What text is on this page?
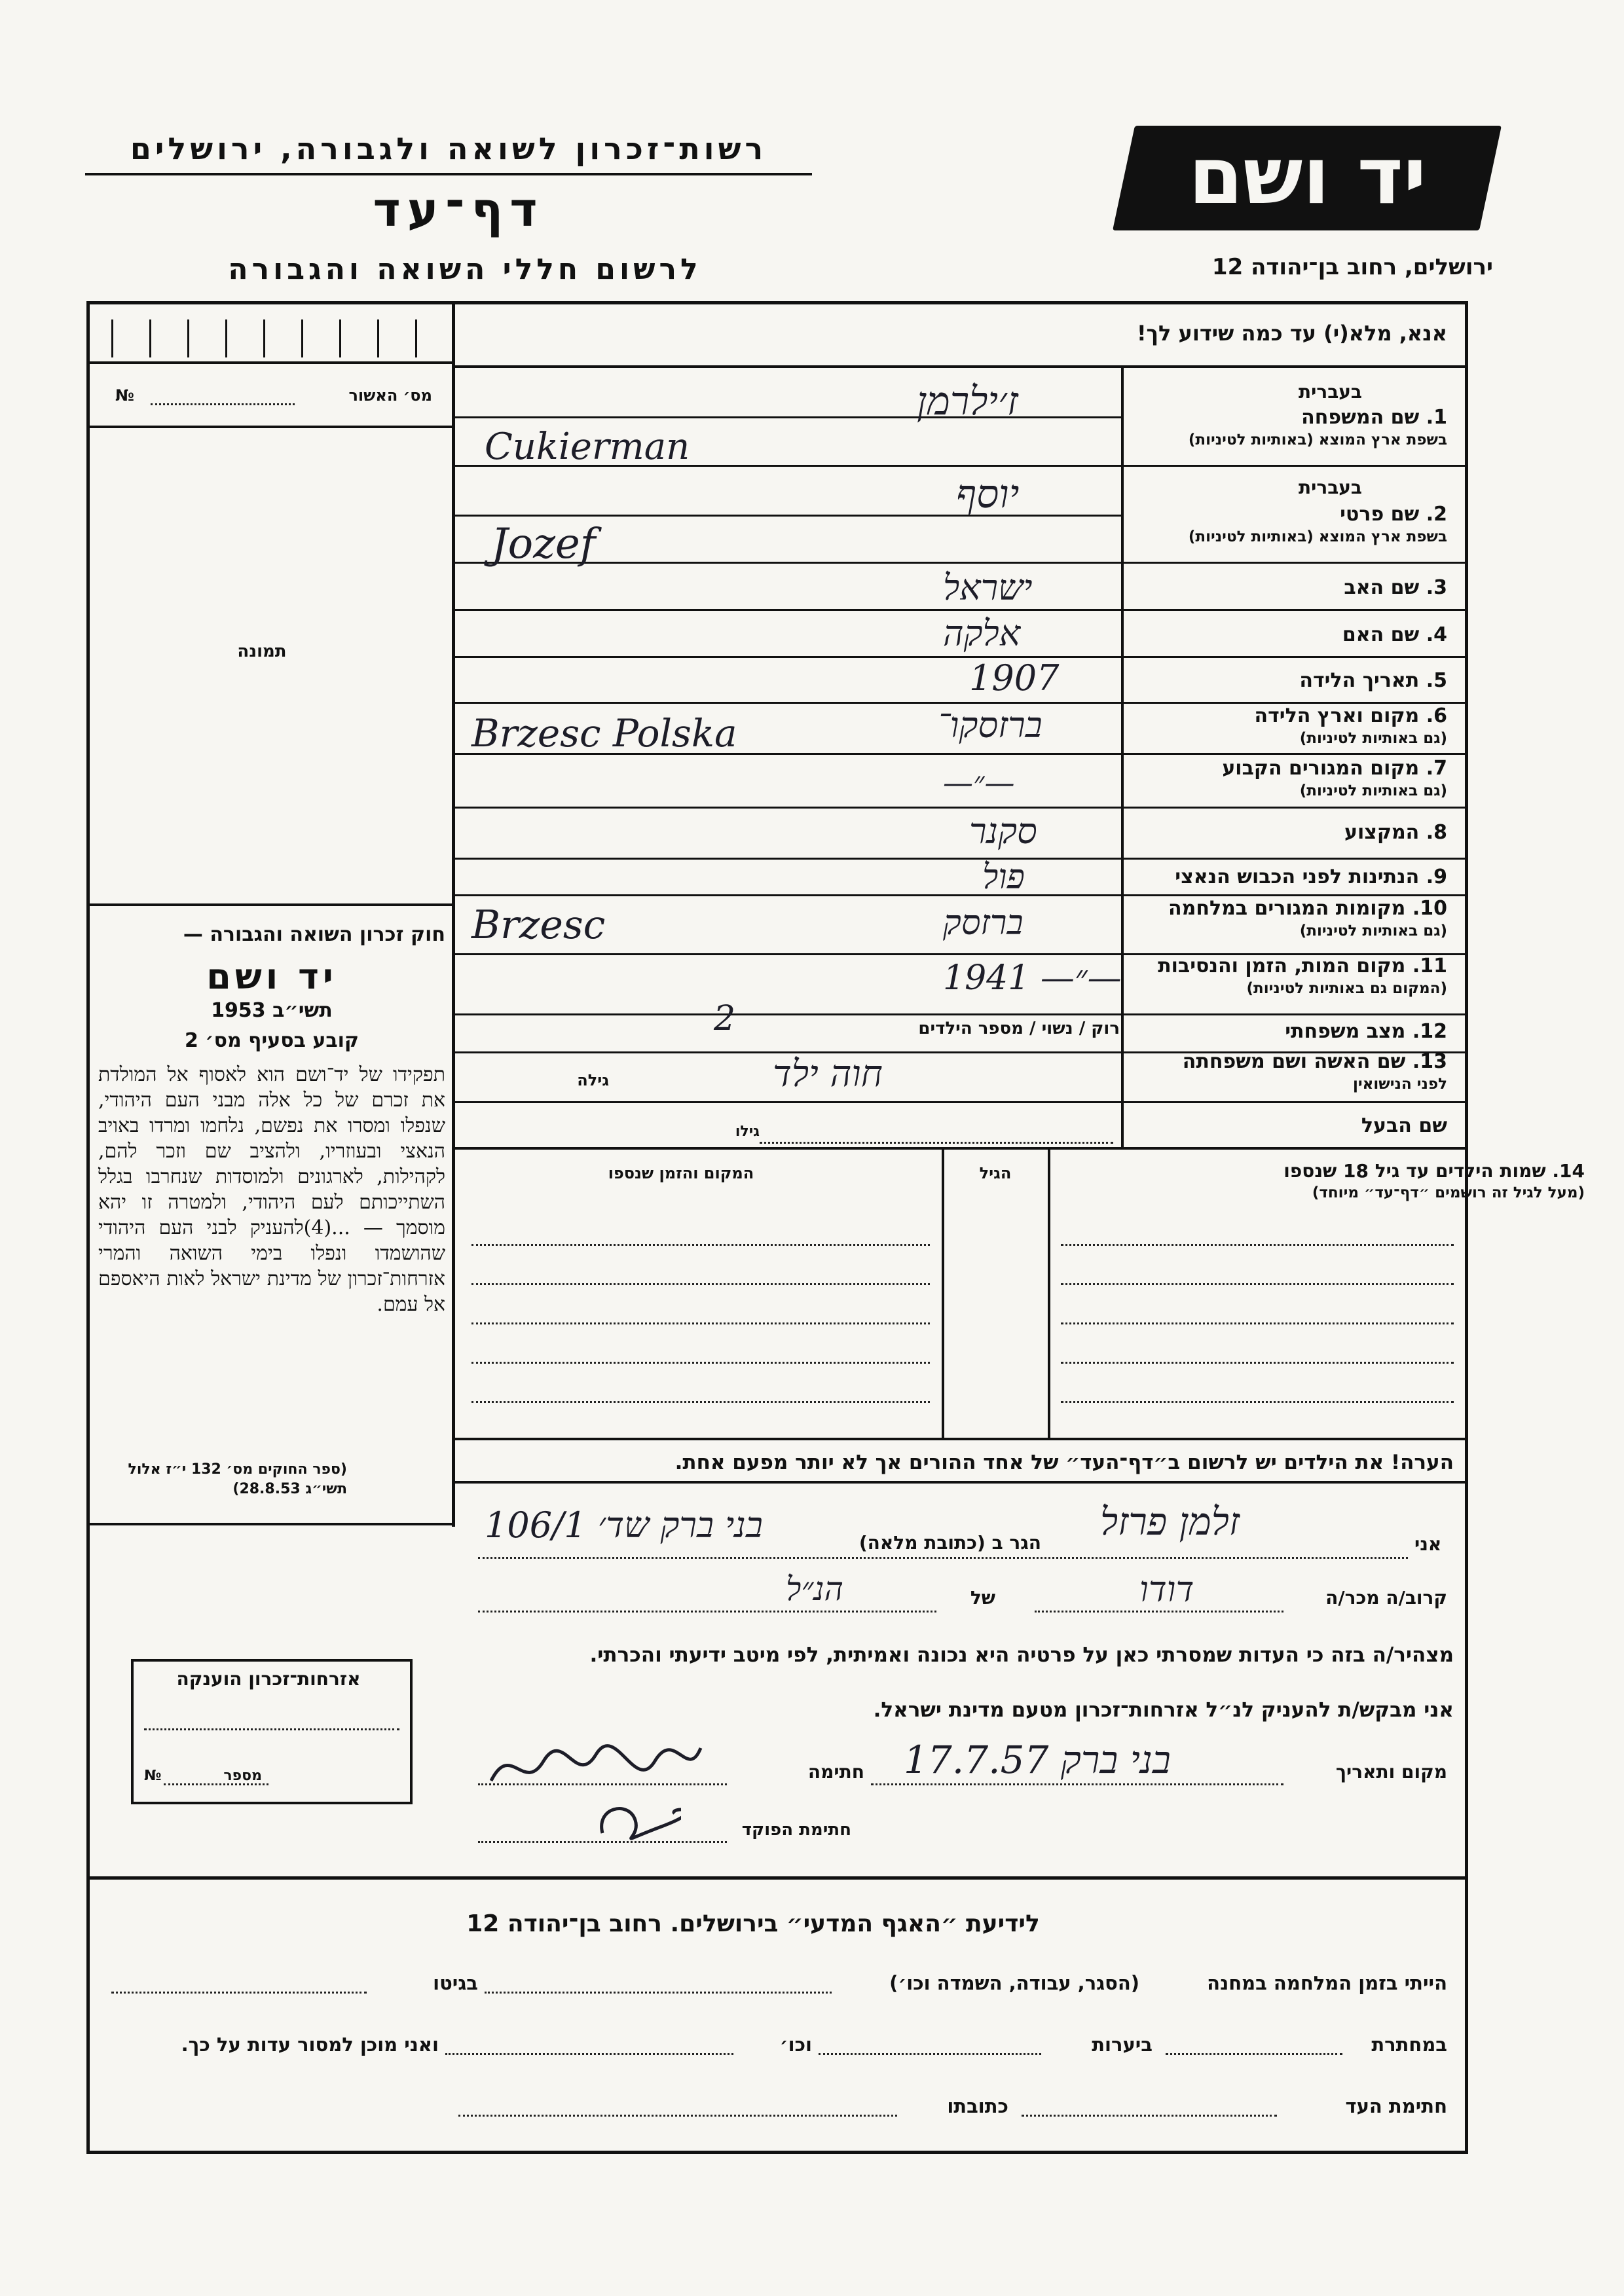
יד ושם
ירושלים, רחוב בן־יהודה 12
רשות־זכרון לשואה ולגבורה, ירושלים
דף־עד
לרשום חללי השואה והגבורה
אנא, מלא(י) עד כמה שידוע לך!
מס׳ האשור
№
תמונה
חוק זכרון השואה והגבורה —
יד ושם
תשי״ב 1953
קובע בסעיף מס׳ 2
תפקידו של יד־ושם הוא לאסוף אל המולדת את זכרם של כל אלה מבני העם היהודי, שנפלו ומסרו את נפשם, נלחמו ומרדו באויב הנאצי ובעוזריו, ולהציב שם וזכר להם, לקהילות, לארגונים ולמוסדות שנחרבו בגלל השתייכותם לעם היהודי, ולמטרה זו יהא מוסמך — ...(4)להעניק לבני העם היהודי שהושמדו ונפלו בימי השואה והמרי אזרחות־זכרון של מדינת ישראל לאות היאספם אל עמם.
(ספר החוקים מס׳ 132 י״ז אלול תשי״ג 28.8.53)
1. שם המשפחה
בשפת ארץ המוצא (באותיות לטיניות)
בעברית
2. שם פרטי
בשפת ארץ המוצא (באותיות לטיניות)
בעברית
3. שם האב
4. שם האם
5. תאריך הלידה
6. מקום וארץ הלידה
(גם באותיות לטיניות)
7. מקום המגורים הקבוע
(גם באותיות לטיניות)
8. המקצוע
9. הנתינות לפני הכבוש הנאצי
10. מקומות המגורים במלחמה
(גם באותיות לטיניות)
11. מקום המות, הזמן והנסיבות
(המקום גם באותיות לטיניות)
12. מצב משפחתי
13. שם האשה ושם משפחתה
לפני הנישואין
שם הבעל
ז׳ילרמן
Cukierman
יוסף
Jozef
ישראל
אלקה
1907
ברזסקו־
Brzesc Polska
—״—
סקנר
פול
ברזסק
Brzesc
—״— 1941
רוק / נשוי / מספר הילדים
2
חוה ילד
גילה
גילו
14. שמות הילדים עד גיל 18 שנספו
(מעל לגיל זה רושמים ״דף־עד״ מיוחד)
הגיל
המקום והזמן שנספו
הערה! את הילדים יש לרשום ב״דף־העד״ של אחד ההורים אך לא יותר מפעם אחת.
אני
זלמן פרזל
הגר ב (כתובת מלאה)
בני ברק שד׳ 106/1
קרוב/ה מכר/ה
דודו
של
הנ״ל
מצהיר/ה בזה כי העדות שמסרתי כאן על פרטיה היא נכונה ואמיתית, לפי מיטב ידיעתי והכרתי.
אני מבקש/ת להעניק לנ״ל אזרחות־זכרון מטעם מדינת ישראל.
מקום ותאריך
בני ברק 17.7.57
חתימה
חתימת הפוקד
אזרחות־זכרון הוענקה
מספר
№
לידיעת ״האגף המדעי״ בירושלים. רחוב בן־יהודה 12
הייתי בזמן המלחמה במחנה
(הסגר, עבודה, השמדה וכו׳)
בגיטו
במחתרת
ביערות
וכו׳
ואני מוכן למסור עדות על כך.
חתימת העד
כתובתו
